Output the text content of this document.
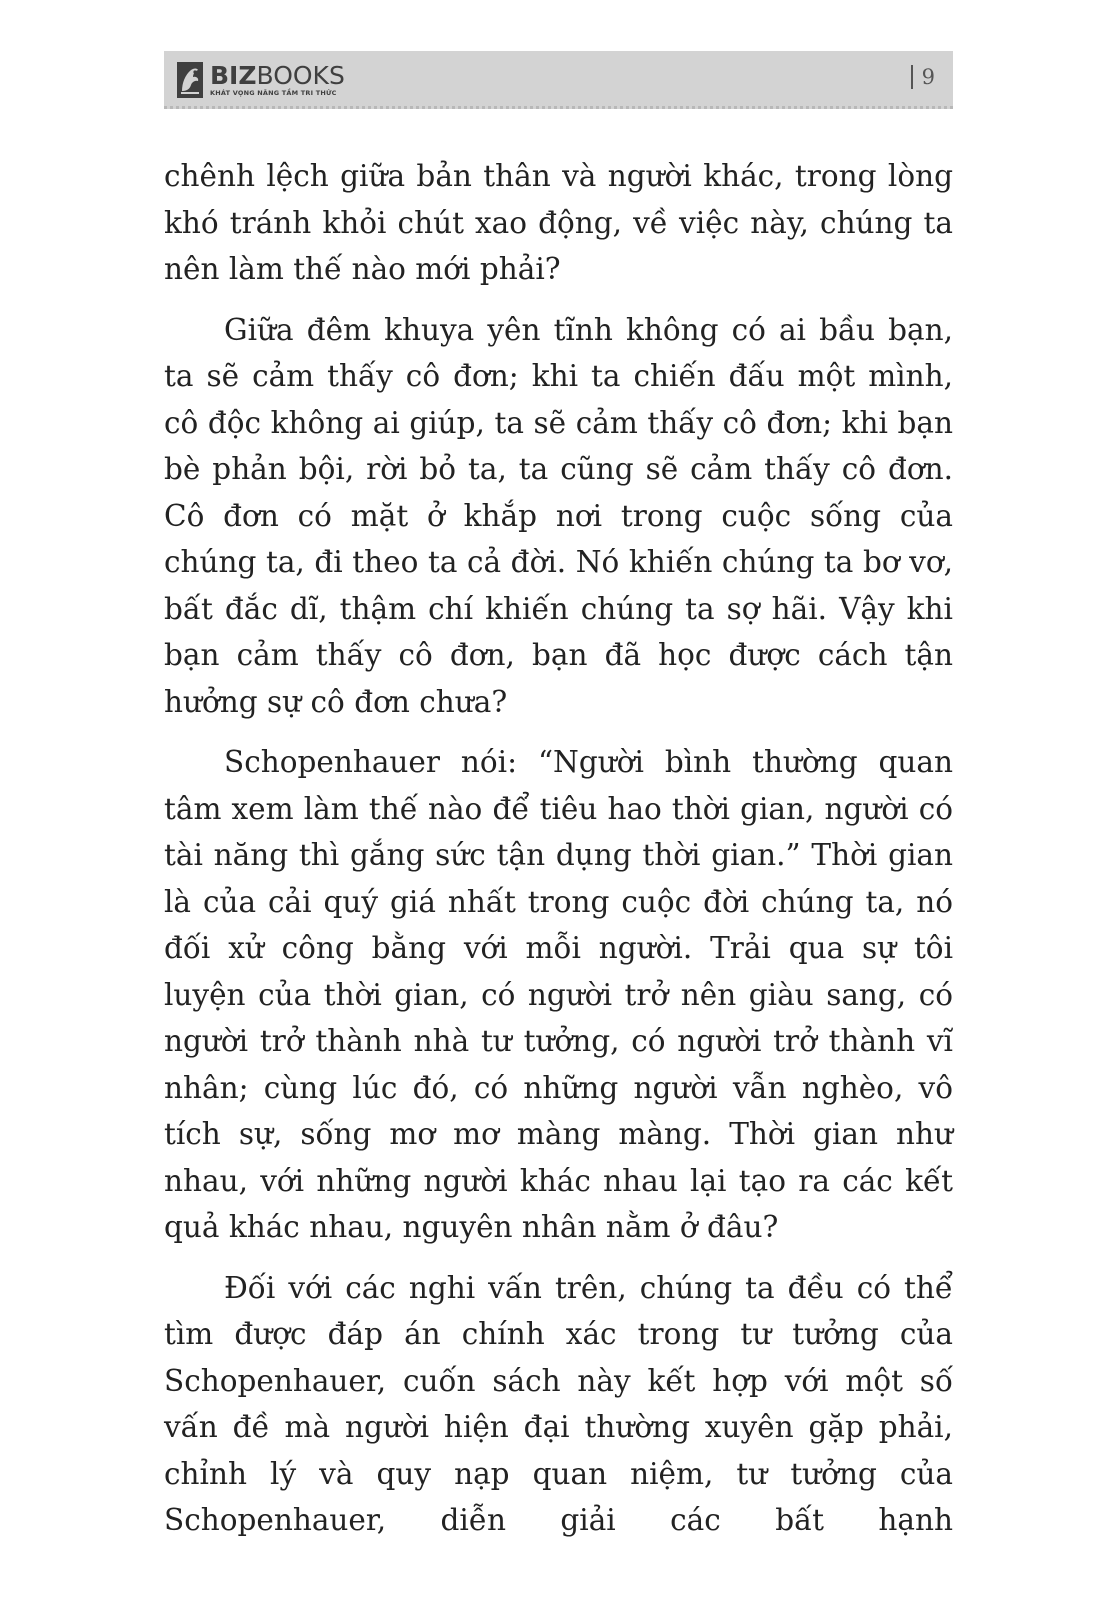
BIZBOOKS
KHÁT VỌNG NÂNG TẦM TRI THỨC
9

chênh lệch giữa bản thân và người khác, trong lòng khó tránh khỏi chút xao động, về việc này, chúng ta nên làm thế nào mới phải?

Giữa đêm khuya yên tĩnh không có ai bầu bạn, ta sẽ cảm thấy cô đơn; khi ta chiến đấu một mình, cô độc không ai giúp, ta sẽ cảm thấy cô đơn; khi bạn bè phản bội, rời bỏ ta, ta cũng sẽ cảm thấy cô đơn. Cô đơn có mặt ở khắp nơi trong cuộc sống của chúng ta, đi theo ta cả đời. Nó khiến chúng ta bơ vơ, bất đắc dĩ, thậm chí khiến chúng ta sợ hãi. Vậy khi bạn cảm thấy cô đơn, bạn đã học được cách tận hưởng sự cô đơn chưa?

Schopenhauer nói: “Người bình thường quan tâm xem làm thế nào để tiêu hao thời gian, người có tài năng thì gắng sức tận dụng thời gian.” Thời gian là của cải quý giá nhất trong cuộc đời chúng ta, nó đối xử công bằng với mỗi người. Trải qua sự tôi luyện của thời gian, có người trở nên giàu sang, có người trở thành nhà tư tưởng, có người trở thành vĩ nhân; cùng lúc đó, có những người vẫn nghèo, vô tích sự, sống mơ mơ màng màng. Thời gian như nhau, với những người khác nhau lại tạo ra các kết quả khác nhau, nguyên nhân nằm ở đâu?

Đối với các nghi vấn trên, chúng ta đều có thể tìm được đáp án chính xác trong tư tưởng của Schopenhauer, cuốn sách này kết hợp với một số vấn đề mà người hiện đại thường xuyên gặp phải, chỉnh lý và quy nạp quan niệm, tư tưởng của Schopenhauer, diễn giải các bất hạnh
